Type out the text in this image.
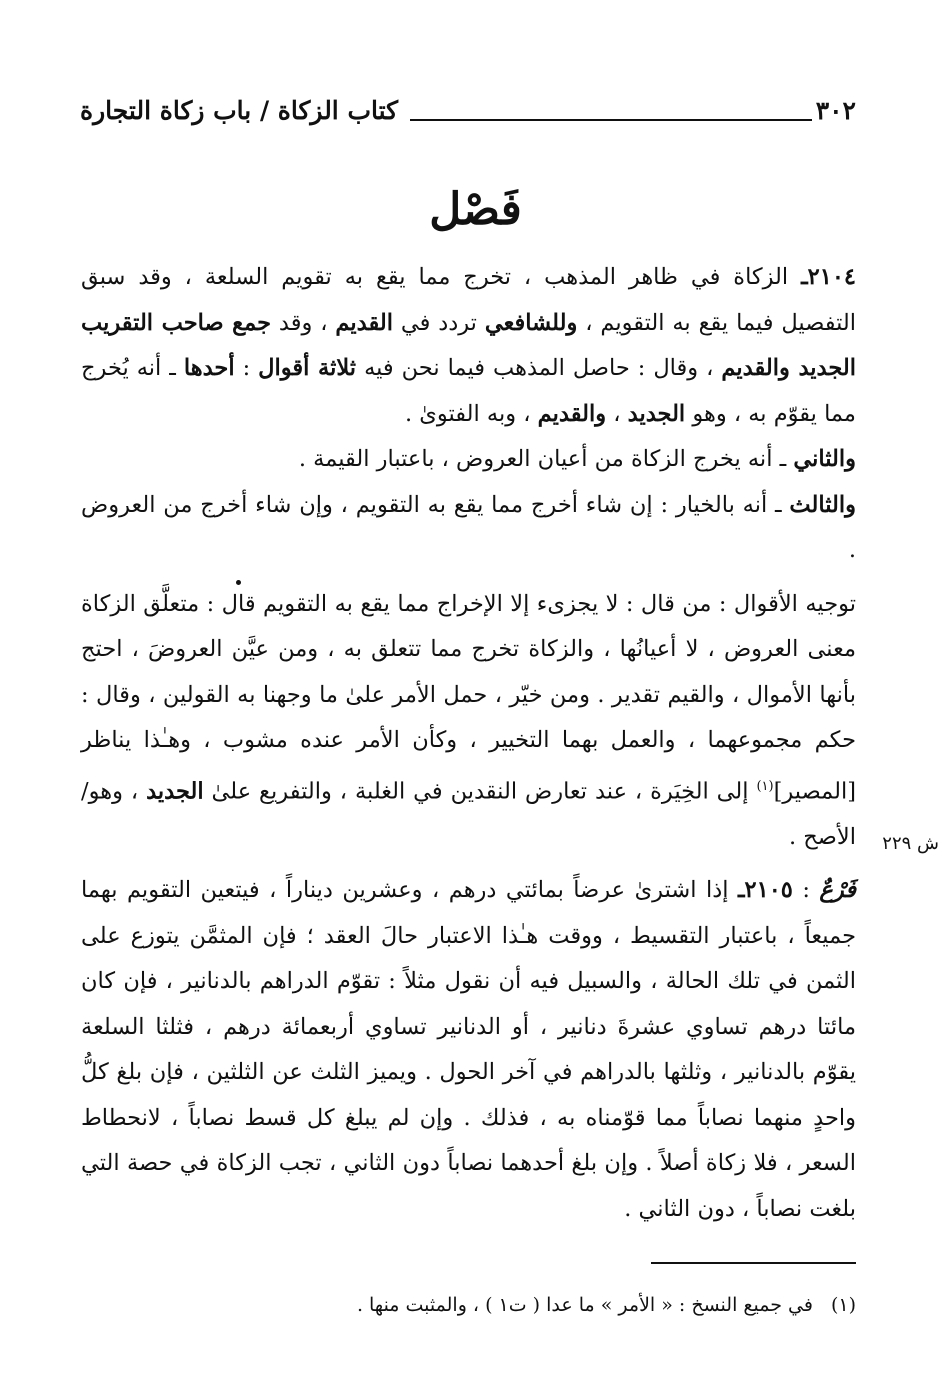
٣٠٢
كتاب الزكاة / باب زكاة التجارة
فَصْل

٢١٠٤ـ الزكاة في ظاهر المذهب ، تخرج مما يقع به تقويم السلعة ، وقد سبق التفصيل فيما يقع به التقويم ، وللشافعي تردد في القديم ، وقد جمع صاحب التقريب الجديد والقديم ، وقال : حاصل المذهب فيما نحن فيه ثلاثة أقوال : أحدها ـ أنه يُخرج مما يقوّم به ، وهو الجديد ، والقديم ، وبه الفتوىٰ .

والثاني ـ أنه يخرج الزكاة من أعيان العروض ، باعتبار القيمة .

والثالث ـ أنه بالخيار : إن شاء أخرج مما يقع به التقويم ، وإن شاء أخرج من العروض .

توجيه الأقوال : من قال : لا يجزىء إلا الإخراج مما يقع به التقويم قال : متعلَّق الزكاة معنى العروض ، لا أعيانُها ، والزكاة تخرج مما تتعلق به ، ومن عيَّن العروضَ ، احتج بأنها الأموال ، والقيم تقدير . ومن خيّر ، حمل الأمر علىٰ ما وجهنا به القولين ، وقال : حكم مجموعهما ، والعمل بهما التخيير ، وكأن الأمر عنده مشوب ، وهـٰذا يناظر [المصير]$^{(١)}$ إلى الخِيَرة ، عند تعارض النقدين في الغلبة ، والتفريع علىٰ الجديد ، وهو/ الأصح .

فَرْعٌ : ٢١٠٥ـ إذا اشترىٰ عرضاً بمائتي درهم ، وعشرين ديناراً ، فيتعين التقويم بهما جميعاً ، باعتبار التقسيط ، ووقت هـٰذا الاعتبار حالَ العقد ؛ فإن المثمَّن يتوزع على الثمن في تلك الحالة ، والسبيل فيه أن نقول مثلاً : تقوّم الدراهم بالدنانير ، فإن كان مائتا درهم تساوي عشرةَ دنانير ، أو الدنانير تساوي أربعمائة درهم ، فثلثا السلعة يقوّم بالدنانير ، وثلثها بالدراهم في آخر الحول . ويميز الثلث عن الثلثين ، فإن بلغ كلُّ واحدٍ منهما نصاباً مما قوّمناه به ، فذلك . وإن لم يبلغ كل قسط نصاباً ، لانحطاط السعر ، فلا زكاة أصلاً . وإن بلغ أحدهما نصاباً دون الثاني ، تجب الزكاة في حصة التي بلغت نصاباً ، دون الثاني .

ش ٢٢٩
(١)في جميع النسخ : « الأمر » ما عدا ( ت١ ) ، والمثبت منها .
